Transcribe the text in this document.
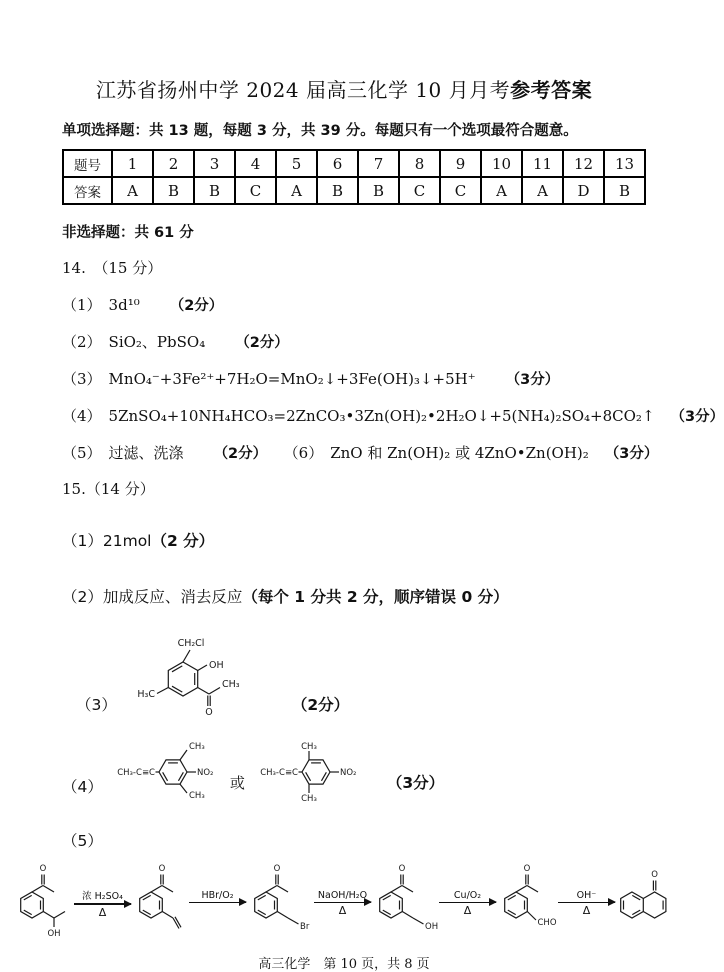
江苏省扬州中学 2024 届高三化学 10 月月考参考答案
单项选择题：共 13 题，每题 3 分，共 39 分。每题只有一个选项最符合题意。
题号	1	2	3	4	5	6	7	8	9	10	11	12	13
答案	A	B	B	C	A	B	B	C	C	A	A	D	B
非选择题：共 61 分
14.　（15 分）
（1） 3d¹⁰ （2分）
（2） SiO₂、PbSO₄ （2分）
（3） MnO₄⁻+3Fe²⁺+7H₂O=MnO₂↓+3Fe(OH)₃↓+5H⁺ （3分）
（4） 5ZnSO₄+10NH₄HCO₃=2ZnCO₃•3Zn(OH)₂•2H₂O↓+5(NH₄)₂SO₄+8CO₂↑ （3分）
（5） 过滤、洗涤 （2分） （6） ZnO 和 Zn(OH)₂ 或 4ZnO•Zn(OH)₂ （3分）
15.（14 分）
（1）21mol（2 分）
（2）加成反应、消去反应（每个 1 分共 2 分，顺序错误 0 分）
（3）
CH₂Cl
OH
O
CH₃
H₃C
（2分）
（4）
CH₃-C≡C
CH₃
NO₂
CH₃
或
CH₃-C≡C
CH₃
NO₂
CH₃
（3分）
（5）
O
OH
浓 H₂SO₄
Δ
O
HBr/O₂
O
Br
NaOH/H₂O
Δ
O
OH
Cu/O₂
Δ
O
CHO
OH⁻
Δ
O
高三化学　第 10 页，共 8 页
